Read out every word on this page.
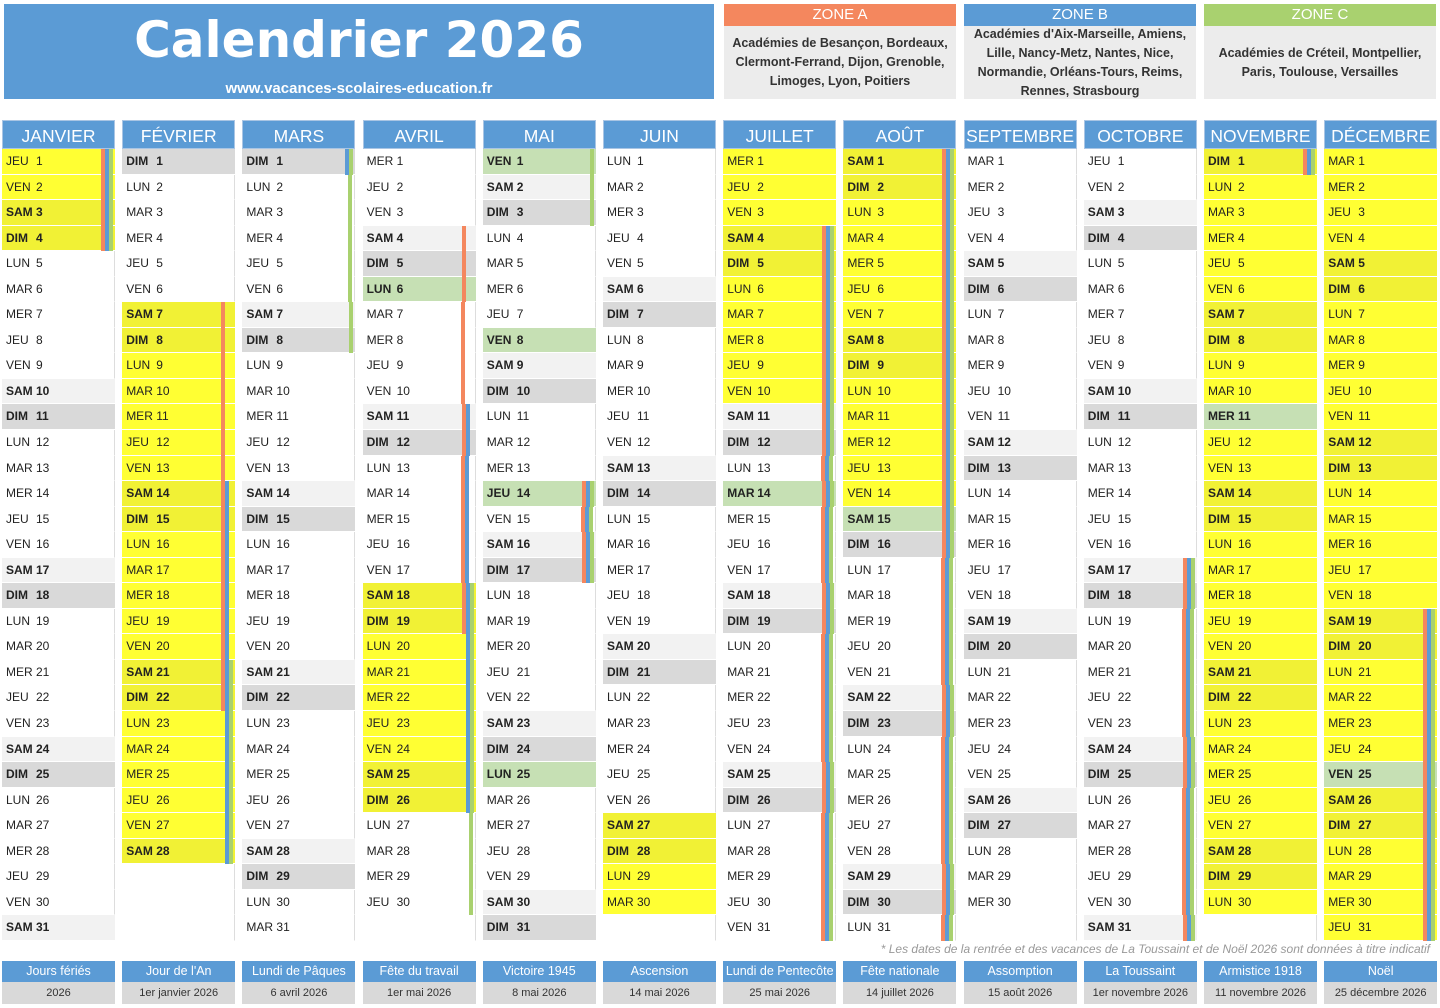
Calendrier 2026
www.vacances-scolaires-education.fr
ZONE A
Académies de Besançon, Bordeaux, Clermont-Ferrand, Dijon, Grenoble, Limoges, Lyon, Poitiers
ZONE B
Académies d'Aix-Marseille, Amiens, Lille, Nancy-Metz, Nantes, Nice, Normandie, Orléans-Tours, Reims, Rennes, Strasbourg
ZONE C
Académies de Créteil, Montpellier, Paris, Toulouse, Versailles
JANVIER
JEU 1
VEN 2
SAM 3
DIM 4
LUN 5
MAR 6
MER 7
JEU 8
VEN 9
SAM 10
DIM 11
LUN 12
MAR 13
MER 14
JEU 15
VEN 16
SAM 17
DIM 18
LUN 19
MAR 20
MER 21
JEU 22
VEN 23
SAM 24
DIM 25
LUN 26
MAR 27
MER 28
JEU 29
VEN 30
SAM 31
FÉVRIER
DIM 1
LUN 2
MAR 3
MER 4
JEU 5
VEN 6
SAM 7
DIM 8
LUN 9
MAR 10
MER 11
JEU 12
VEN 13
SAM 14
DIM 15
LUN 16
MAR 17
MER 18
JEU 19
VEN 20
SAM 21
DIM 22
LUN 23
MAR 24
MER 25
JEU 26
VEN 27
SAM 28
MARS
DIM 1
LUN 2
MAR 3
MER 4
JEU 5
VEN 6
SAM 7
DIM 8
LUN 9
MAR 10
MER 11
JEU 12
VEN 13
SAM 14
DIM 15
LUN 16
MAR 17
MER 18
JEU 19
VEN 20
SAM 21
DIM 22
LUN 23
MAR 24
MER 25
JEU 26
VEN 27
SAM 28
DIM 29
LUN 30
MAR 31
AVRIL
MER 1
JEU 2
VEN 3
SAM 4
DIM 5
LUN 6
MAR 7
MER 8
JEU 9
VEN 10
SAM 11
DIM 12
LUN 13
MAR 14
MER 15
JEU 16
VEN 17
SAM 18
DIM 19
LUN 20
MAR 21
MER 22
JEU 23
VEN 24
SAM 25
DIM 26
LUN 27
MAR 28
MER 29
JEU 30
MAI
VEN 1
SAM 2
DIM 3
LUN 4
MAR 5
MER 6
JEU 7
VEN 8
SAM 9
DIM 10
LUN 11
MAR 12
MER 13
JEU 14
VEN 15
SAM 16
DIM 17
LUN 18
MAR 19
MER 20
JEU 21
VEN 22
SAM 23
DIM 24
LUN 25
MAR 26
MER 27
JEU 28
VEN 29
SAM 30
DIM 31
JUIN
LUN 1
MAR 2
MER 3
JEU 4
VEN 5
SAM 6
DIM 7
LUN 8
MAR 9
MER 10
JEU 11
VEN 12
SAM 13
DIM 14
LUN 15
MAR 16
MER 17
JEU 18
VEN 19
SAM 20
DIM 21
LUN 22
MAR 23
MER 24
JEU 25
VEN 26
SAM 27
DIM 28
LUN 29
MAR 30
JUILLET
MER 1
JEU 2
VEN 3
SAM 4
DIM 5
LUN 6
MAR 7
MER 8
JEU 9
VEN 10
SAM 11
DIM 12
LUN 13
MAR 14
MER 15
JEU 16
VEN 17
SAM 18
DIM 19
LUN 20
MAR 21
MER 22
JEU 23
VEN 24
SAM 25
DIM 26
LUN 27
MAR 28
MER 29
JEU 30
VEN 31
AOÛT
SAM 1
DIM 2
LUN 3
MAR 4
MER 5
JEU 6
VEN 7
SAM 8
DIM 9
LUN 10
MAR 11
MER 12
JEU 13
VEN 14
SAM 15
DIM 16
LUN 17
MAR 18
MER 19
JEU 20
VEN 21
SAM 22
DIM 23
LUN 24
MAR 25
MER 26
JEU 27
VEN 28
SAM 29
DIM 30
LUN 31
SEPTEMBRE
MAR 1
MER 2
JEU 3
VEN 4
SAM 5
DIM 6
LUN 7
MAR 8
MER 9
JEU 10
VEN 11
SAM 12
DIM 13
LUN 14
MAR 15
MER 16
JEU 17
VEN 18
SAM 19
DIM 20
LUN 21
MAR 22
MER 23
JEU 24
VEN 25
SAM 26
DIM 27
LUN 28
MAR 29
MER 30
OCTOBRE
JEU 1
VEN 2
SAM 3
DIM 4
LUN 5
MAR 6
MER 7
JEU 8
VEN 9
SAM 10
DIM 11
LUN 12
MAR 13
MER 14
JEU 15
VEN 16
SAM 17
DIM 18
LUN 19
MAR 20
MER 21
JEU 22
VEN 23
SAM 24
DIM 25
LUN 26
MAR 27
MER 28
JEU 29
VEN 30
SAM 31
NOVEMBRE
DIM 1
LUN 2
MAR 3
MER 4
JEU 5
VEN 6
SAM 7
DIM 8
LUN 9
MAR 10
MER 11
JEU 12
VEN 13
SAM 14
DIM 15
LUN 16
MAR 17
MER 18
JEU 19
VEN 20
SAM 21
DIM 22
LUN 23
MAR 24
MER 25
JEU 26
VEN 27
SAM 28
DIM 29
LUN 30
DÉCEMBRE
MAR 1
MER 2
JEU 3
VEN 4
SAM 5
DIM 6
LUN 7
MAR 8
MER 9
JEU 10
VEN 11
SAM 12
DIM 13
LUN 14
MAR 15
MER 16
JEU 17
VEN 18
SAM 19
DIM 20
LUN 21
MAR 22
MER 23
JEU 24
VEN 25
SAM 26
DIM 27
LUN 28
MAR 29
MER 30
JEU 31
* Les dates de la rentrée et des vacances de La Toussaint et de Noël 2026 sont données à titre indicatif
Jours fériés
2026
Jour de l'An
1er janvier 2026
Lundi de Pâques
6 avril 2026
Fête du travail
1er mai 2026
Victoire 1945
8 mai 2026
Ascension
14 mai 2026
Lundi de Pentecôte
25 mai 2026
Fête nationale
14 juillet 2026
Assomption
15 août 2026
La Toussaint
1er novembre 2026
Armistice 1918
11 novembre 2026
Noël
25 décembre 2026
